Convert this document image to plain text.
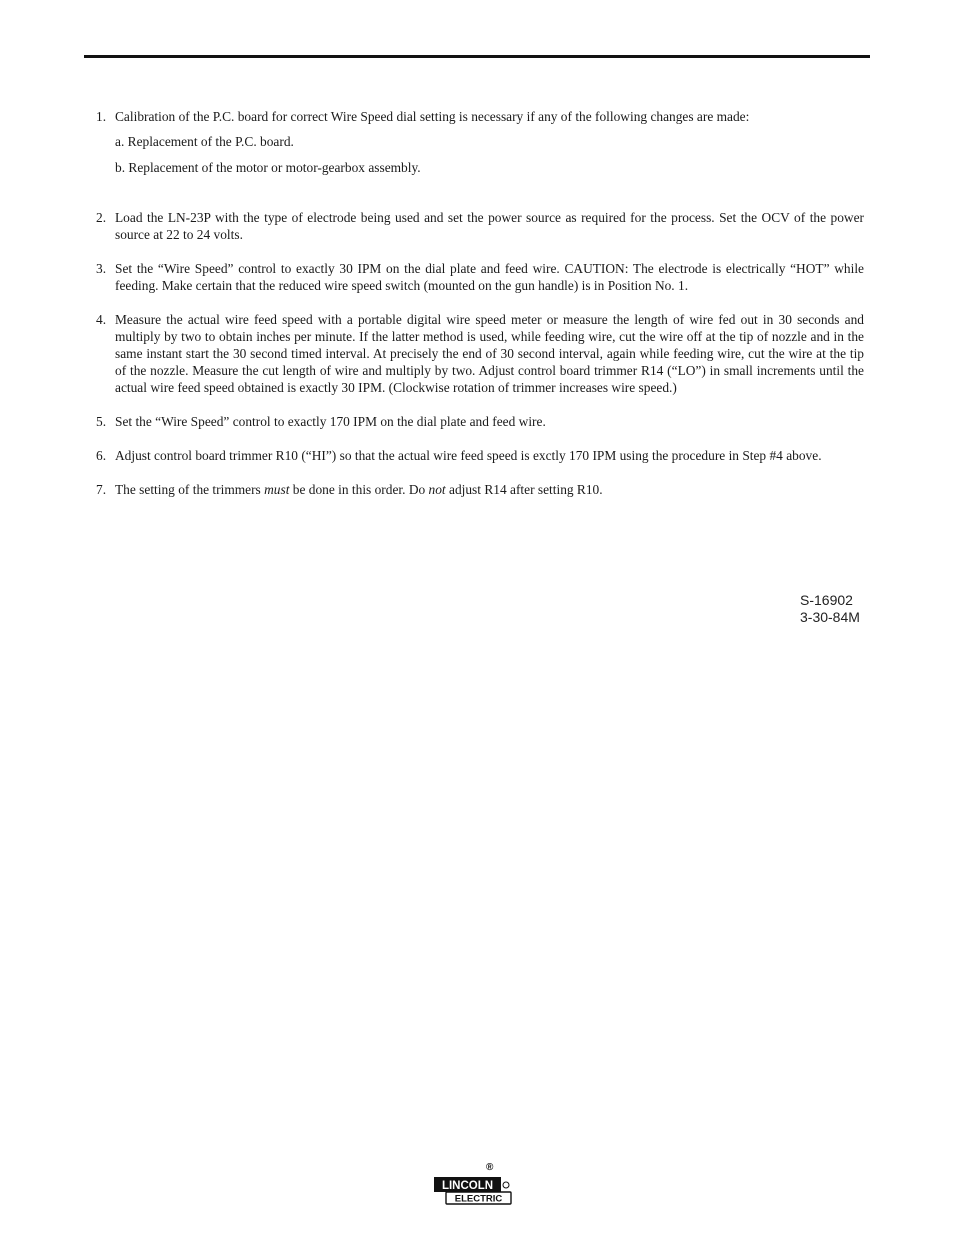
1. Calibration of the P.C. board for correct Wire Speed dial setting is necessary if any of the following changes are made:
a. Replacement of the P.C. board.
b. Replacement of the motor or motor-gearbox assembly.
2. Load the LN-23P with the type of electrode being used and set the power source as required for the process. Set the OCV of the power source at 22 to 24 volts.
3. Set the “Wire Speed” control to exactly 30 IPM on the dial plate and feed wire. CAUTION: The electrode is electrically “HOT” while feeding. Make certain that the reduced wire speed switch (mounted on the gun handle) is in Position No. 1.
4. Measure the actual wire feed speed with a portable digital wire speed meter or measure the length of wire fed out in 30 seconds and multiply by two to obtain inches per minute. If the latter method is used, while feeding wire, cut the wire off at the tip of nozzle and in the same instant start the 30 second timed interval. At precisely the end of 30 second interval, again while feeding wire, cut the wire at the tip of the nozzle. Measure the cut length of wire and multiply by two. Adjust control board trimmer R14 (“LO”) in small increments until the actual wire feed speed obtained is exactly 30 IPM. (Clockwise rotation of trimmer increases wire speed.)
5. Set the “Wire Speed” control to exactly 170 IPM on the dial plate and feed wire.
6. Adjust control board trimmer R10 (“HI”) so that the actual wire feed speed is exctly 170 IPM using the procedure in Step #4 above.
7. The setting of the trimmers must be done in this order. Do not adjust R14 after setting R10.
S-16902
3-30-84M
®
LINCOLN
ELECTRIC
